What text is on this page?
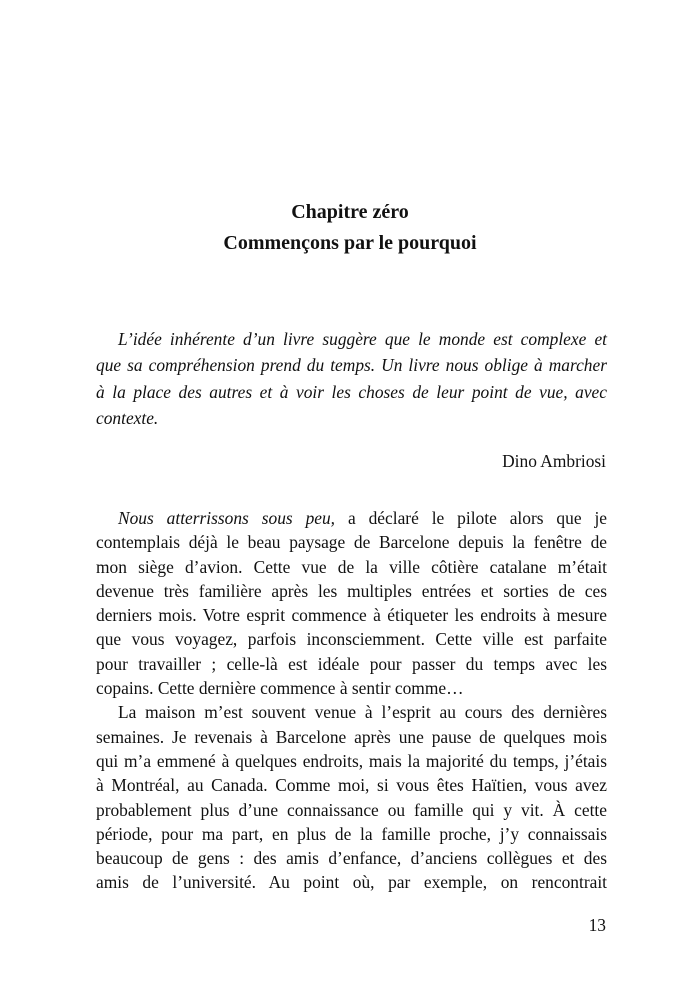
Chapitre zéro
Commençons par le pourquoi
L’idée inhérente d’un livre suggère que le monde est complexe et
que sa compréhension prend du temps. Un livre nous oblige à marcher
à la place des autres et à voir les choses de leur point de vue, avec
contexte.
Dino Ambriosi
Nous atterrissons sous peu, a déclaré le pilote alors que je
contemplais déjà le beau paysage de Barcelone depuis la fenêtre de
mon siège d’avion. Cette vue de la ville côtière catalane m’était
devenue très familière après les multiples entrées et sorties de ces
derniers mois. Votre esprit commence à étiqueter les endroits à mesure
que vous voyagez, parfois inconsciemment. Cette ville est parfaite
pour travailler ; celle-là est idéale pour passer du temps avec les
copains. Cette dernière commence à sentir comme…
La maison m’est souvent venue à l’esprit au cours des dernières
semaines. Je revenais à Barcelone après une pause de quelques mois
qui m’a emmené à quelques endroits, mais la majorité du temps, j’étais
à Montréal, au Canada. Comme moi, si vous êtes Haïtien, vous avez
probablement plus d’une connaissance ou famille qui y vit. À cette
période, pour ma part, en plus de la famille proche, j’y connaissais
beaucoup de gens : des amis d’enfance, d’anciens collègues et des
amis de l’université. Au point où, par exemple, on rencontrait
13
